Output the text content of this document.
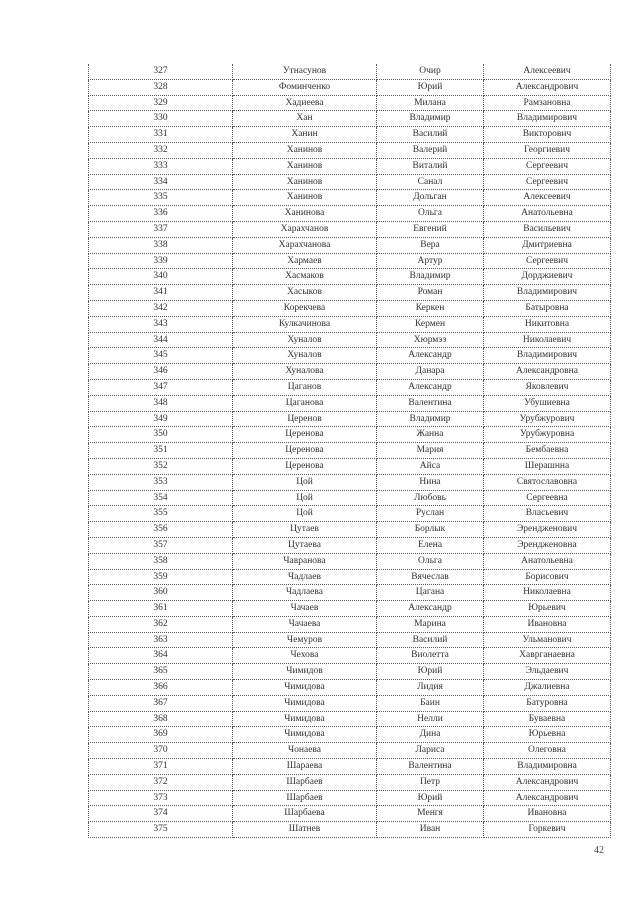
327	Утнасунов	Очир	Алексеевич
328	Фоминченко	Юрий	Александрович
329	Хадиеева	Милана	Рамзановна
330	Хан	Владимир	Владимирович
331	Ханин	Василий	Викторович
332	Ханинов	Валерий	Георгиевич
333	Ханинов	Виталий	Сергеевич
334	Ханинов	Санал	Сергеевич
335	Ханинов	Дольган	Алексеевич
336	Ханинова	Ольга	Анатольевна
337	Харахчанов	Евгений	Васильевич
338	Харахчанова	Вера	Дмитриевна
339	Хармаев	Артур	Сергеевич
340	Хасмаков	Владимир	Дорджиевич
341	Хасыков	Роман	Владимирович
342	Корекчева	Керкен	Батыровна
343	Кулкачинова	Кермен	Никитовна
344	Хуналов	Хюрмэз	Николаевич
345	Хуналов	Александр	Владимирович
346	Хуналова	Данара	Александровна
347	Цаганов	Александр	Яковлевич
348	Цаганова	Валентина	Убушиевна
349	Церенов	Владимир	Урубжурович
350	Церенова	Жанна	Урубжуровна
351	Церенова	Мария	Бембаевна
352	Церенова	Айса	Шерашнна
353	Цой	Нина	Святославовна
354	Цой	Любовь	Сергеевна
355	Цой	Руслан	Власьевич
356	Цутаев	Борлык	Эрендженович
357	Цутаева	Елена	Эрендженовна
358	Чавранова	Ольга	Анатольевна
359	Чадлаев	Вячеслав	Борисович
360	Чадлаева	Цагана	Николаевна
361	Чачаев	Александр	Юрьевич
362	Чачаева	Марина	Ивановна
363	Чемуров	Василий	Ульманович
364	Чехова	Виолетта	Хаврганаевна
365	Чимидов	Юрий	Эльдаевич
366	Чимидова	Лидия	Джалиевна
367	Чимидова	Баин	Батуровна
368	Чимидова	Нелли	Буваевна
369	Чимидова	Дина	Юрьевна
370	Чонаева	Лариса	Олеговна
371	Шараева	Валентина	Владимировна
372	Шарбаев	Петр	Александрович
373	Шарбаев	Юрий	Александрович
374	Шарбаева	Менгя	Ивановна
375	Шатнев	Иван	Горкевич
42
